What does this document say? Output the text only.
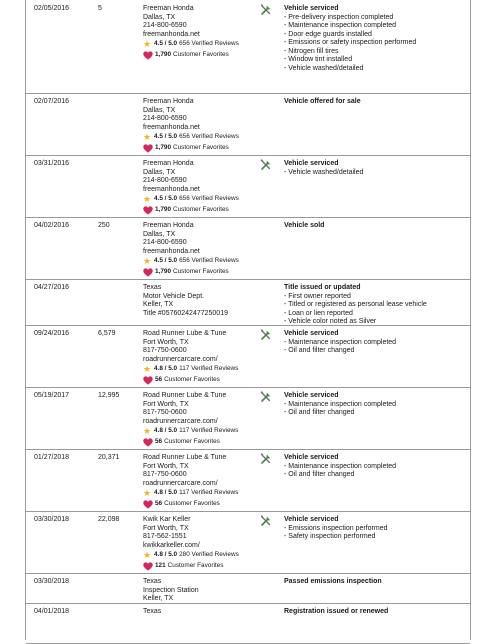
02/05/2016	5	Freeman Honda
Dallas, TX
214-800-6590
freemanhonda.net
★ 4.5 / 5.0 656 Verified Reviews
1,790 Customer Favorites
Vehicle serviced
- Pre-delivery inspection completed
- Maintenance inspection completed
- Door edge guards installed
- Emissions or safety inspection performed
- Nitrogen fill tires
- Window tint installed
- Vehicle washed/detailed
02/07/2016	Freeman Honda
Dallas, TX
214-800-6590
freemanhonda.net
★ 4.5 / 5.0 656 Verified Reviews
1,790 Customer Favorites
Vehicle offered for sale
03/31/2016	Freeman Honda
Dallas, TX
214-800-6590
freemanhonda.net
★ 4.5 / 5.0 656 Verified Reviews
1,790 Customer Favorites
Vehicle serviced
- Vehicle washed/detailed
04/02/2016	250	Freeman Honda
Dallas, TX
214-800-6590
freemanhonda.net
★ 4.5 / 5.0 656 Verified Reviews
1,790 Customer Favorites
Vehicle sold
04/27/2016	Texas
Motor Vehicle Dept.
Keller, TX
Title #05760242477250019
Title issued or updated
- First owner reported
- Titled or registered as personal lease vehicle
- Loan or lien reported
- Vehicle color noted as Silver
09/24/2016	6,579	Road Runner Lube & Tune
Fort Worth, TX
817-750-0600
roadrunnercarcare.com/
★ 4.8 / 5.0 117 Verified Reviews
56 Customer Favorites
Vehicle serviced
- Maintenance inspection completed
- Oil and filter changed
05/19/2017	12,995	Road Runner Lube & Tune
Fort Worth, TX
817-750-0600
roadrunnercarcare.com/
★ 4.8 / 5.0 117 Verified Reviews
56 Customer Favorites
Vehicle serviced
- Maintenance inspection completed
- Oil and filter changed
01/27/2018	20,371	Road Runner Lube & Tune
Fort Worth, TX
817-750-0600
roadrunnercarcare.com/
★ 4.8 / 5.0 117 Verified Reviews
56 Customer Favorites
Vehicle serviced
- Maintenance inspection completed
- Oil and filter changed
03/30/2018	22,098	Kwik Kar Keller
Fort Worth, TX
817-562-1551
kwikkarkeller.com/
★ 4.8 / 5.0 280 Verified Reviews
121 Customer Favorites
Vehicle serviced
- Emissions inspection performed
- Safety inspection performed
03/30/2018	Texas
Inspection Station
Keller, TX
Passed emissions inspection
04/01/2018	Texas	Registration issued or renewed
